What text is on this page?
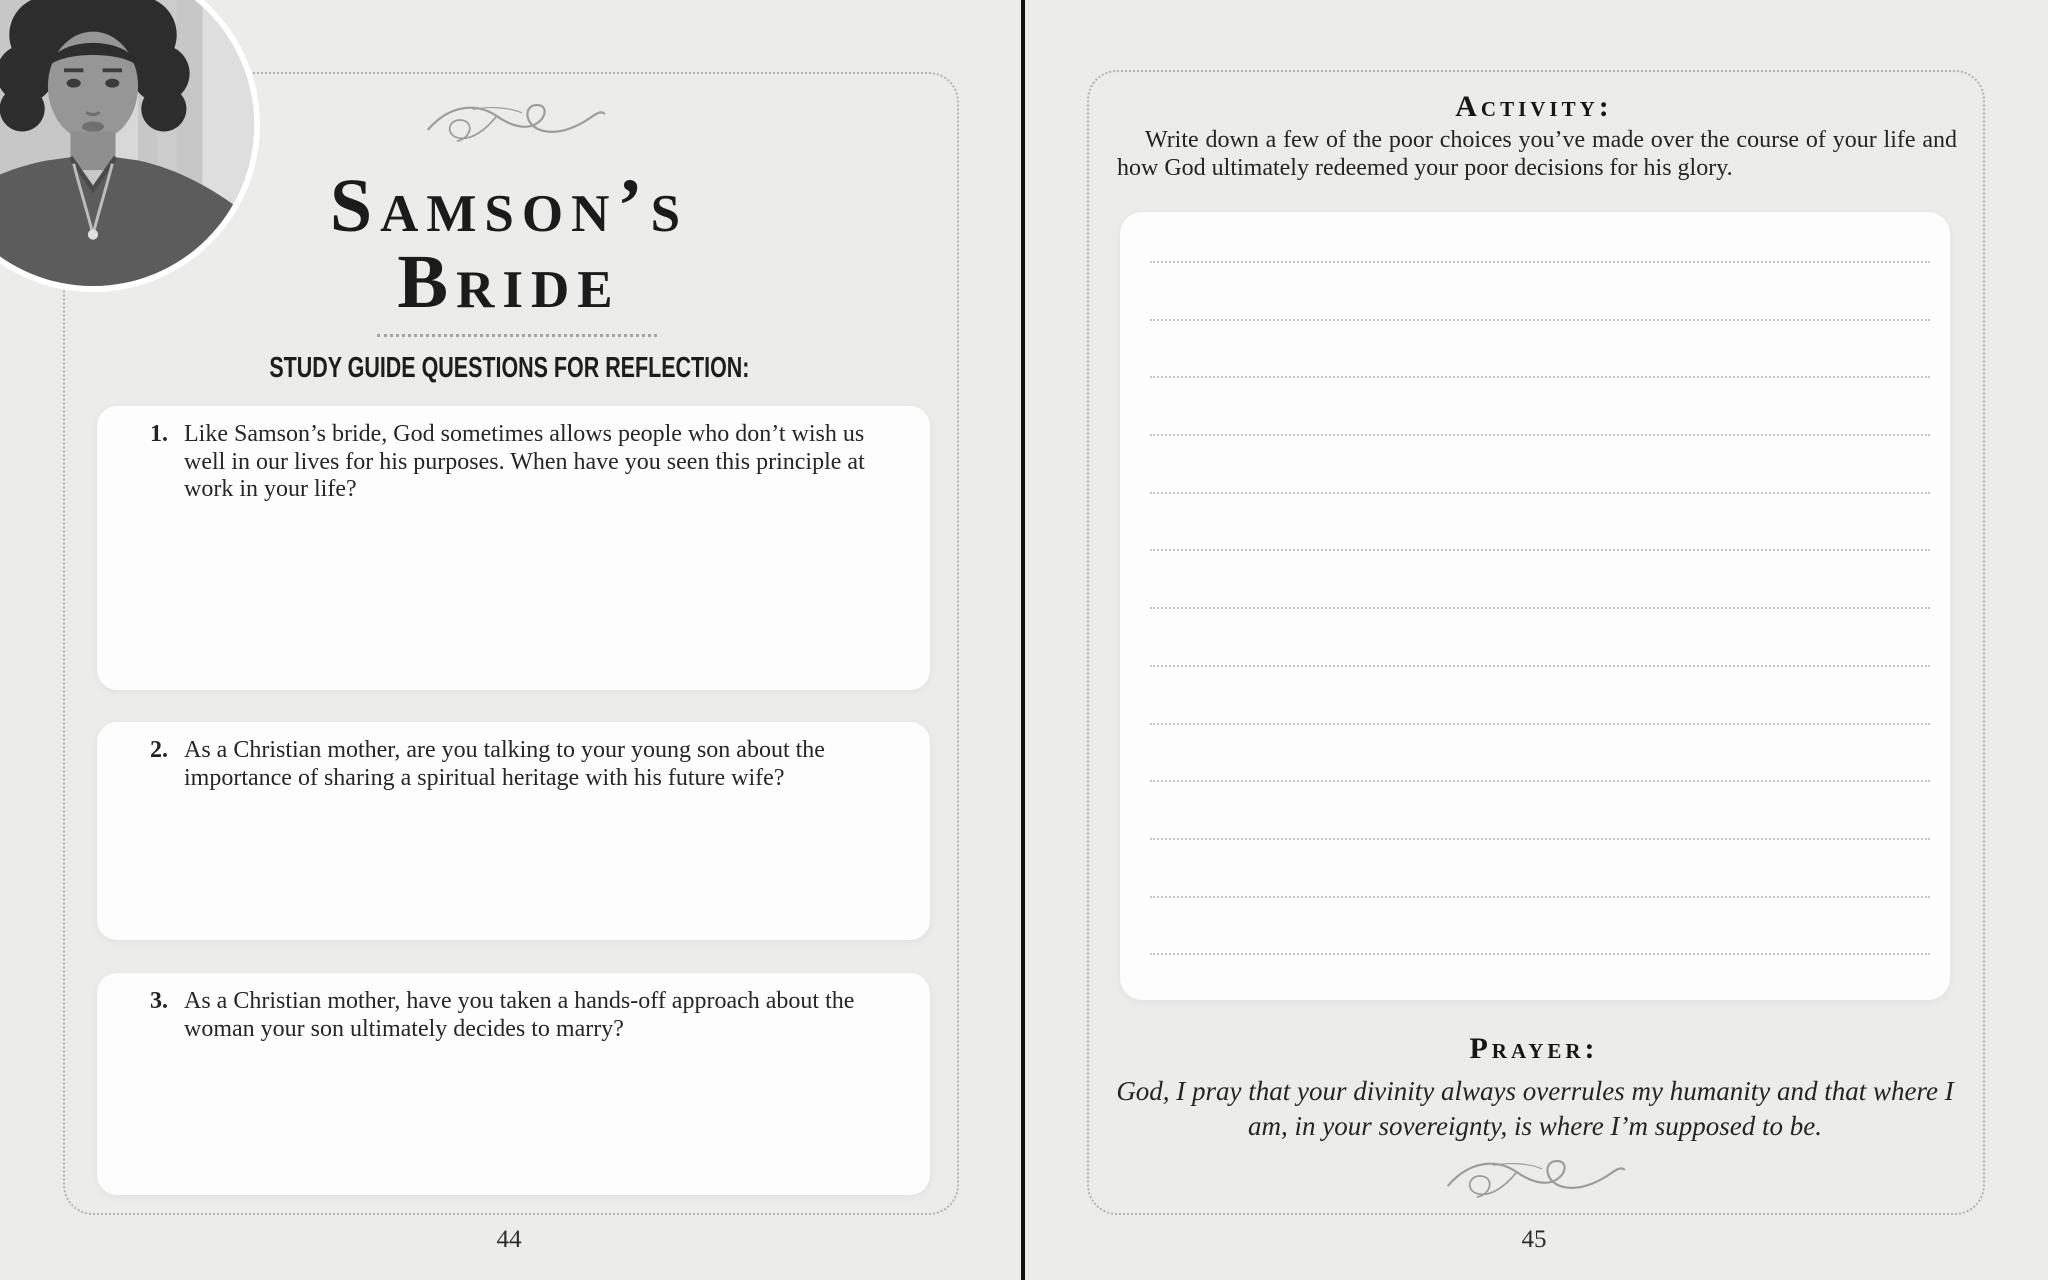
Samson’s
Bride
STUDY GUIDE QUESTIONS FOR REFLECTION:
1. Like Samson’s bride, God sometimes allows people who don’t wish us well in our lives for his purposes. When have you seen this principle at work in your life?
2. As a Christian mother, are you talking to your young son about the importance of sharing a spiritual heritage with his future wife?
3. As a Christian mother, have you taken a hands-off approach about the woman your son ultimately decides to marry?
44
Activity:
Write down a few of the poor choices you’ve made over the course of your life and how God ultimately redeemed your poor decisions for his glory.
Prayer:
God, I pray that your divinity always overrules my humanity and that where I am, in your sovereignty, is where I’m supposed to be.
45
